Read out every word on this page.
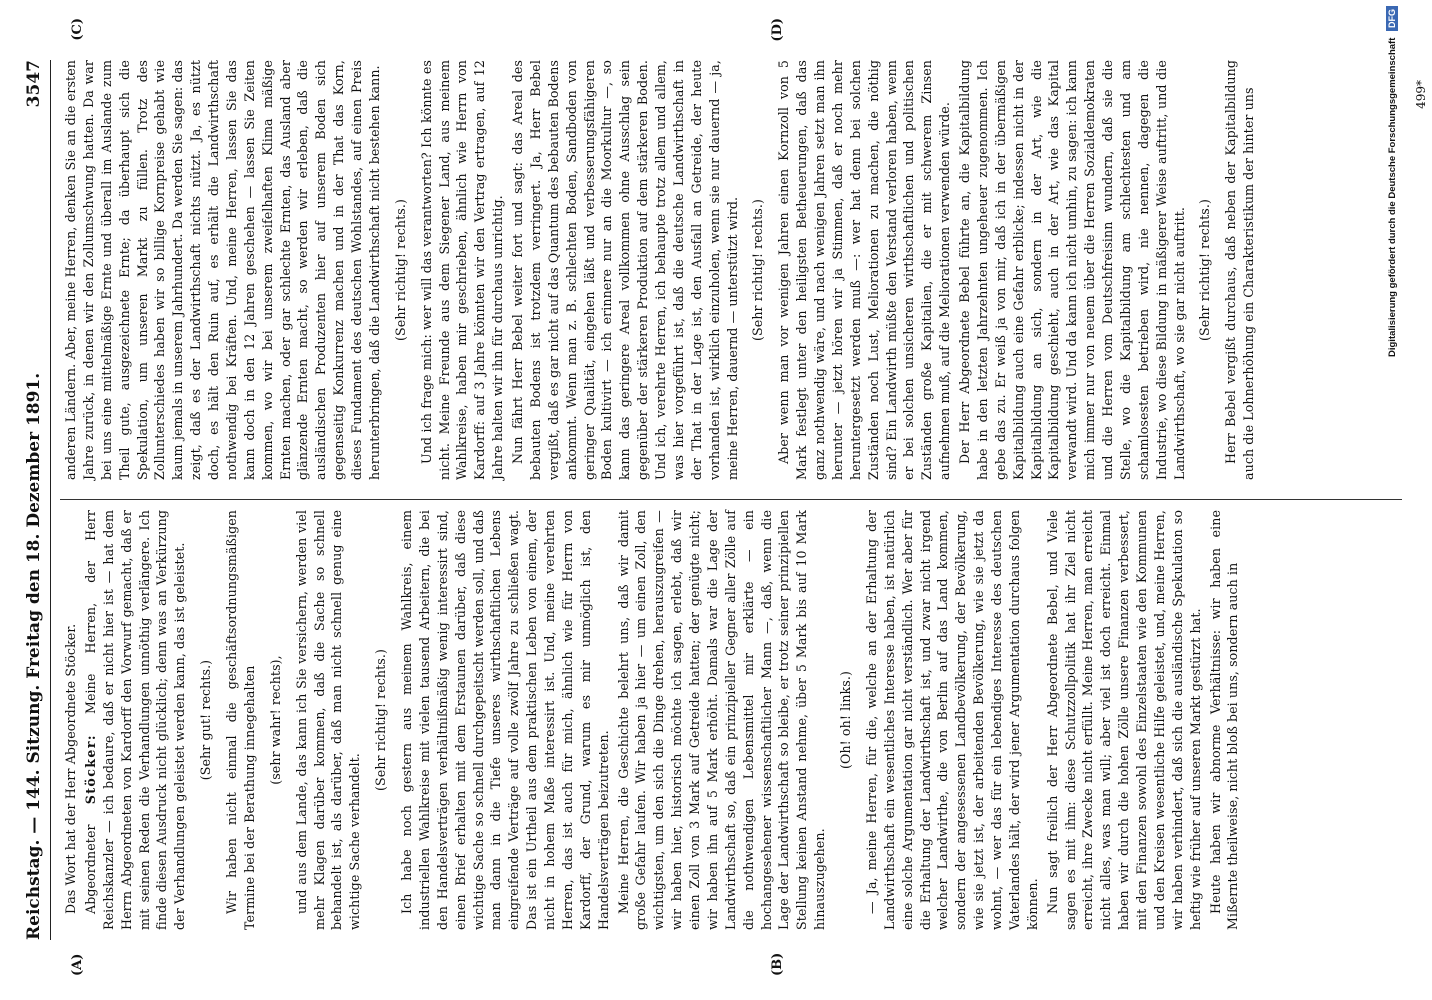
Reichstag. — 144. Sitzung. Freitag den 18. Dezember 1891.
3547
(A)	(B)
(C)	(D)

Das Wort hat der Herr Abgeordnete Stöcker. Abgeordneter Stöcker: Meine Herren, der Herr Reichskanzler — ich bedaure, daß er nicht hier ist — hat dem Herrn Abgeordneten von Kardorff den Vorwurf gemacht, daß er mit seinen Reden die Verhandlungen unnöthig verlängere. Ich finde diesen Ausdruck nicht glücklich; denn was an Verkürzung der Verhandlungen geleistet werden kann, das ist geleistet. (Sehr gut! rechts.) Wir haben nicht einmal die geschäftsordnungsmäßigen Termine bei der Berathung innegehalten (sehr wahr! rechts), und aus dem Lande, das kann ich Sie versichern, werden viel mehr Klagen darüber kommen, daß die Sache so schnell behandelt ist, als darüber, daß man nicht schnell genug eine wichtige Sache verhandelt.

(Sehr richtig! rechts.) Ich habe noch gestern aus meinem Wahlkreis, einem industriellen Wahlkreise mit vielen tausend Arbeitern, die bei den Handelsverträgen verhältnißmäßig wenig interessirt sind, einen Brief erhalten mit dem Erstaunen darüber, daß diese wichtige Sache so schnell durchgepeitscht werden soll, und daß man dann in die Tiefe unseres wirthschaftlichen Lebens eingreifende Verträge auf volle zwölf Jahre zu schließen wagt. Das ist ein Urtheil aus dem praktischen Leben von einem, der nicht in hohem Maße interessirt ist. Und, meine verehrten Herren, das ist auch für mich, ähnlich wie für Herrn von Kardorff, der Grund, warum es mir unmöglich ist, den Handelsverträgen beizutreten. Meine Herren, die Geschichte belehrt uns, daß wir damit große Gefahr laufen. Wir haben ja hier — um einen Zoll, den wichtigsten, um den sich die Dinge drehen, herauszugreifen — wir haben hier, historisch möchte ich sagen, erlebt, daß wir einen Zoll von 3 Mark auf Getreide hatten; der genügte nicht; wir haben ihn auf 5 Mark erhöht. Damals war die Lage der Landwirthschaft so, daß ein prinzipieller Gegner aller Zölle auf die nothwendigen Lebensmittel mir erklärte — ein hochangesehener wissenschaftlicher Mann —, daß, wenn die Lage der Landwirthschaft so bleibe, er trotz seiner prinzipiellen Stellung keinen Anstand nehme, über 5 Mark bis auf 10 Mark hinauszugehen.

(Oh! oh! links.) — Ja, meine Herren, für die, welche an der Erhaltung der Landwirthschaft ein wesentliches Interesse haben, ist natürlich eine solche Argumentation gar nicht verständlich. Wer aber für die Erhaltung der Landwirthschaft ist, und zwar nicht irgend welcher Landwirthe, die von Berlin auf das Land kommen, sondern der angesessenen Landbevölkerung, der Bevölkerung, wie sie jetzt ist, der arbeitenden Bevölkerung, wie sie jetzt da wohnt, — wer das für ein lebendiges Interesse des deutschen Vaterlandes hält, der wird jener Argumentation durchaus folgen können. Nun sagt freilich der Herr Abgeordnete Bebel, und Viele sagen es mit ihm: diese Schutzzollpolitik hat ihr Ziel nicht erreicht, ihre Zwecke nicht erfüllt. Meine Herren, man erreicht nicht alles, was man will; aber viel ist doch erreicht. Einmal haben wir durch die hohen Zölle unsere Finanzen verbessert, mit den Finanzen sowohl des Einzelstaaten wie den Kommunen und den Kreisen wesentliche Hilfe geleistet, und, meine Herren, wir haben verhindert, daß sich die ausländische Spekulation so heftig wie früher auf unseren Markt gestürzt hat. Heute haben wir abnorme Verhältnisse: wir haben eine Mißernte theilweise, nicht bloß bei uns, sondern auch in

anderen Ländern. Aber, meine Herren, denken Sie an die ersten Jahre zurück, in denen wir den Zollumschwung hatten. Da war bei uns eine mittelmäßige Ernte und überall im Auslande zum Theil gute, ausgezeichnete Ernte; da überhaupt sich die Spekulation, um unseren Markt zu füllen. Trotz des Zollunterschiedes haben wir so billige Kornpreise gehabt wie kaum jemals in unserem Jahrhundert. Da werden Sie sagen: das zeigt, daß es der Landwirthschaft nichts nützt. Ja, es nützt doch, es hält den Ruin auf, es erhält die Landwirthschaft nothwendig bei Kräften. Und, meine Herren, lassen Sie das kann doch in den 12 Jahren geschehen — lassen Sie Zeiten kommen, wo wir bei unserem zweifelhaften Klima mäßige Ernten machen, oder gar schlechte Ernten, das Ausland aber glänzende Ernten macht, so werden wir erleben, daß die ausländischen Produzenten hier auf unserem Boden sich gegenseitig Konkurrenz machen und in der That das Korn, dieses Fundament des deutschen Wohlstandes, auf einen Preis herunterbringen, daß die Landwirthschaft nicht bestehen kann. (Sehr richtig! rechts.) Und ich frage mich: wer will das verantworten? Ich könnte es nicht. Meine Freunde aus dem Siegener Land, aus meinem Wahlkreise, haben mir geschrieben, ähnlich wie Herrn von Kardorff: auf 3 Jahre könnten wir den Vertrag ertragen, auf 12 Jahre halten wir ihn für durchaus unrichtig. Nun fährt Herr Bebel weiter fort und sagt: das Areal des bebauten Bodens ist trotzdem verringert. Ja, Herr Bebel vergißt, daß es gar nicht auf das Quantum des bebauten Bodens ankommt. Wenn man z. B. schlechten Boden, Sandboden von geringer Qualität, eingehen läßt und verbesserungsfähigeren Boden kultivirt — ich erinnere nur an die Moorkultur —, so kann das geringere Areal vollkommen ohne Ausschlag sein gegenüber der stärkeren Produktion auf dem stärkeren Boden. Und ich, verehrte Herren, ich behaupte trotz allem und allem, was hier vorgeführt ist, daß die deutsche Landwirthschaft in der That in der Lage ist, den Ausfall an Getreide, der heute vorhanden ist, wirklich einzuholen, wenn sie nur dauernd — ja, meine Herren, dauernd — unterstützt wird. (Sehr richtig! rechts.) Aber wenn man vor wenigen Jahren einen Kornzoll von 5 Mark festlegt unter den heiligsten Betheuerungen, daß das ganz nothwendig wäre, und nach wenigen Jahren setzt man ihn herunter — jetzt hören wir ja Stimmen, daß er noch mehr heruntergesetzt werden muß —: wer hat denn bei solchen Zuständen noch Lust, Meliorationen zu machen, die nöthig sind? Ein Landwirth müßte den Verstand verloren haben, wenn er bei solchen unsicheren wirthschaftlichen und politischen Zuständen große Kapitalien, die er mit schwerem Zinsen aufnehmen muß, auf die Meliorationen verwenden würde. Der Herr Abgeordnete Bebel führte an, die Kapitalbildung habe in den letzten Jahrzehnten ungeheuer zugenommen. Ich gebe das zu. Er weiß ja von mir, daß ich in der übermäßigen Kapitalbildung auch eine Gefahr erblicke; indessen nicht in der Kapitalbildung an sich, sondern in der Art, wie die Kapitalbildung geschieht, auch in der Art, wie das Kapital verwandt wird. Und da kann ich nicht umhin, zu sagen: ich kann mich immer nur von neuem über die Herren Sozialdemokraten und die Herren vom Deutschfreisinn wundern, daß sie die Stelle, wo die Kapitalbildung am schlechtesten und am schamlosesten betrieben wird, nie nennen, dagegen die Industrie, wo diese Bildung in mäßigerer Weise auftritt, und die Landwirthschaft, wo sie gar nicht auftritt. (Sehr richtig! rechts.) Herr Bebel vergißt durchaus, daß neben der Kapitalbildung auch die Lohnerhöhung ein Charakteristikum der hinter uns	499*
Digitalisierung gefördert durch die Deutsche Forschungsgemeinschaft DFG
